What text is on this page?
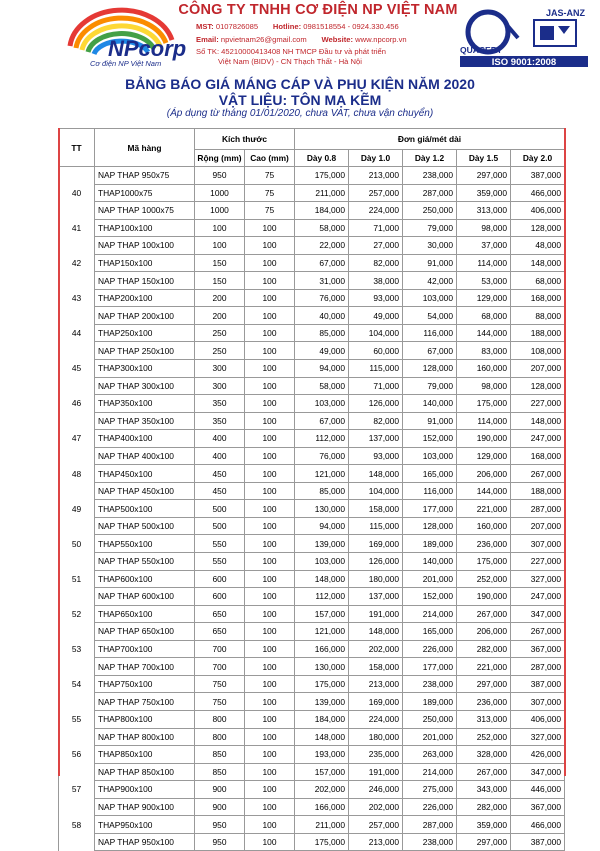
NPcorp
Cơ điện NP Việt Nam
CÔNG TY TNHH CƠ ĐIỆN NP VIỆT NAM
MST: 0107826085 Hotline: 0981518554 - 0924.330.456
Email: npvietnam26@gmail.com Website: www.npcorp.vn
Số TK: 45210000413408 NH TMCP Đầu tư và phát triển
Việt Nam (BIDV) - CN Thạch Thất - Hà Nội
JAS-ANZ
QUACERT
ISO 9001:2008
BẢNG BÁO GIÁ MÁNG CÁP VÀ PHỤ KIỆN NĂM 2020
VẬT LIỆU: TÔN MẠ KẼM
(Áp dụng từ tháng 01/01/2020, chưa VAT, chưa vận chuyển)
TT	Mã hàng	Kích thước		Đơn giá/mét dài				
		Rộng (mm)	Cao (mm)	Dày 0.8	Dày 1.0	Dày 1.2	Dày 1.5	Dày 2.0
	NAP THAP 950x75	950	75	175,000	213,000	238,000	297,000	387,000
40	THAP1000x75	1000	75	211,000	257,000	287,000	359,000	466,000
	NAP THAP 1000x75	1000	75	184,000	224,000	250,000	313,000	406,000
41	THAP100x100	100	100	58,000	71,000	79,000	98,000	128,000
	NAP THAP 100x100	100	100	22,000	27,000	30,000	37,000	48,000
42	THAP150x100	150	100	67,000	82,000	91,000	114,000	148,000
	NAP THAP 150x100	150	100	31,000	38,000	42,000	53,000	68,000
43	THAP200x100	200	100	76,000	93,000	103,000	129,000	168,000
	NAP THAP 200x100	200	100	40,000	49,000	54,000	68,000	88,000
44	THAP250x100	250	100	85,000	104,000	116,000	144,000	188,000
	NAP THAP 250x100	250	100	49,000	60,000	67,000	83,000	108,000
45	THAP300x100	300	100	94,000	115,000	128,000	160,000	207,000
	NAP THAP 300x100	300	100	58,000	71,000	79,000	98,000	128,000
46	THAP350x100	350	100	103,000	126,000	140,000	175,000	227,000
	NAP THAP 350x100	350	100	67,000	82,000	91,000	114,000	148,000
47	THAP400x100	400	100	112,000	137,000	152,000	190,000	247,000
	NAP THAP 400x100	400	100	76,000	93,000	103,000	129,000	168,000
48	THAP450x100	450	100	121,000	148,000	165,000	206,000	267,000
	NAP THAP 450x100	450	100	85,000	104,000	116,000	144,000	188,000
49	THAP500x100	500	100	130,000	158,000	177,000	221,000	287,000
	NAP THAP 500x100	500	100	94,000	115,000	128,000	160,000	207,000
50	THAP550x100	550	100	139,000	169,000	189,000	236,000	307,000
	NAP THAP 550x100	550	100	103,000	126,000	140,000	175,000	227,000
51	THAP600x100	600	100	148,000	180,000	201,000	252,000	327,000
	NAP THAP 600x100	600	100	112,000	137,000	152,000	190,000	247,000
52	THAP650x100	650	100	157,000	191,000	214,000	267,000	347,000
	NAP THAP 650x100	650	100	121,000	148,000	165,000	206,000	267,000
53	THAP700x100	700	100	166,000	202,000	226,000	282,000	367,000
	NAP THAP 700x100	700	100	130,000	158,000	177,000	221,000	287,000
54	THAP750x100	750	100	175,000	213,000	238,000	297,000	387,000
	NAP THAP 750x100	750	100	139,000	169,000	189,000	236,000	307,000
55	THAP800x100	800	100	184,000	224,000	250,000	313,000	406,000
	NAP THAP 800x100	800	100	148,000	180,000	201,000	252,000	327,000
56	THAP850x100	850	100	193,000	235,000	263,000	328,000	426,000
	NAP THAP 850x100	850	100	157,000	191,000	214,000	267,000	347,000
57	THAP900x100	900	100	202,000	246,000	275,000	343,000	446,000
	NAP THAP 900x100	900	100	166,000	202,000	226,000	282,000	367,000
58	THAP950x100	950	100	211,000	257,000	287,000	359,000	466,000
	NAP THAP 950x100	950	100	175,000	213,000	238,000	297,000	387,000
